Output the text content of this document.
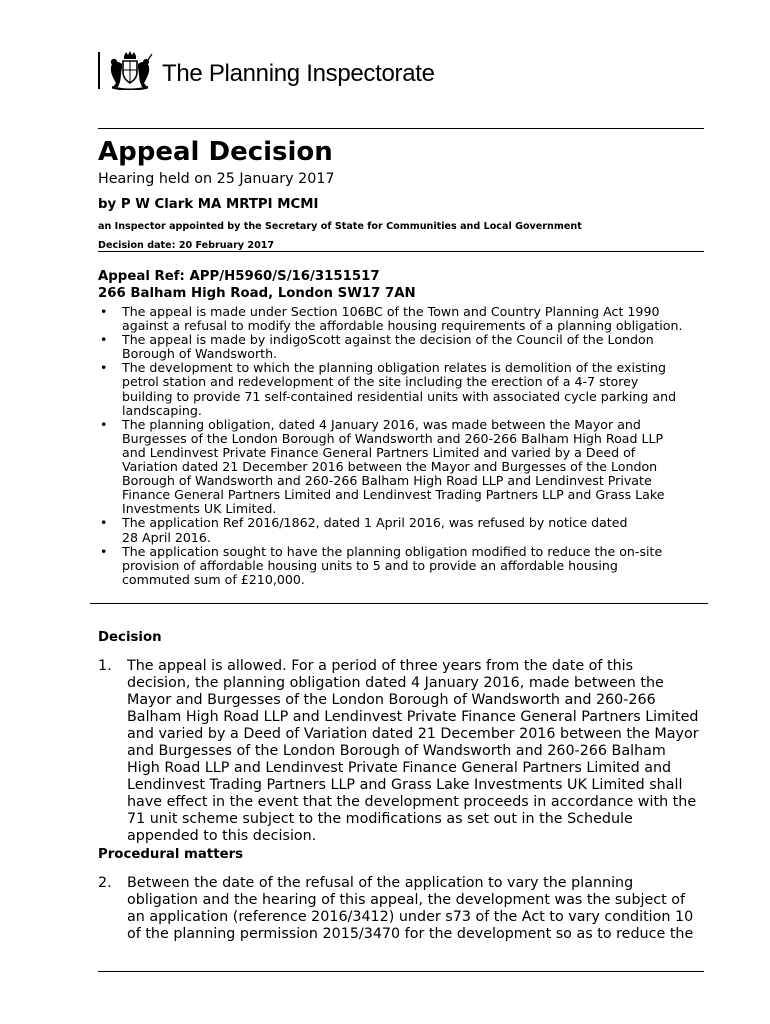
The Planning Inspectorate
Appeal Decision
Hearing held on 25 January 2017
by P W Clark MA MRTPI MCMI
an Inspector appointed by the Secretary of State for Communities and Local Government
Decision date: 20 February 2017
Appeal Ref: APP/H5960/S/16/3151517
266 Balham High Road, London SW17 7AN
• The appeal is made under Section 106BC of the Town and Country Planning Act 1990
against a refusal to modify the affordable housing requirements of a planning obligation.
• The appeal is made by indigoScott against the decision of the Council of the London
Borough of Wandsworth.
• The development to which the planning obligation relates is demolition of the existing
petrol station and redevelopment of the site including the erection of a 4-7 storey
building to provide 71 self-contained residential units with associated cycle parking and
landscaping.
• The planning obligation, dated 4 January 2016, was made between the Mayor and
Burgesses of the London Borough of Wandsworth and 260-266 Balham High Road LLP
and Lendinvest Private Finance General Partners Limited and varied by a Deed of
Variation dated 21 December 2016 between the Mayor and Burgesses of the London
Borough of Wandsworth and 260-266 Balham High Road LLP and Lendinvest Private
Finance General Partners Limited and Lendinvest Trading Partners LLP and Grass Lake
Investments UK Limited.
• The application Ref 2016/1862, dated 1 April 2016, was refused by notice dated
28 April 2016.
• The application sought to have the planning obligation modified to reduce the on-site
provision of affordable housing units to 5 and to provide an affordable housing
commuted sum of £210,000.
Decision
1. The appeal is allowed. For a period of three years from the date of this
decision, the planning obligation dated 4 January 2016, made between the
Mayor and Burgesses of the London Borough of Wandsworth and 260-266
Balham High Road LLP and Lendinvest Private Finance General Partners Limited
and varied by a Deed of Variation dated 21 December 2016 between the Mayor
and Burgesses of the London Borough of Wandsworth and 260-266 Balham
High Road LLP and Lendinvest Private Finance General Partners Limited and
Lendinvest Trading Partners LLP and Grass Lake Investments UK Limited shall
have effect in the event that the development proceeds in accordance with the
71 unit scheme subject to the modifications as set out in the Schedule
appended to this decision.
Procedural matters
2. Between the date of the refusal of the application to vary the planning
obligation and the hearing of this appeal, the development was the subject of
an application (reference 2016/3412) under s73 of the Act to vary condition 10
of the planning permission 2015/3470 for the development so as to reduce the
